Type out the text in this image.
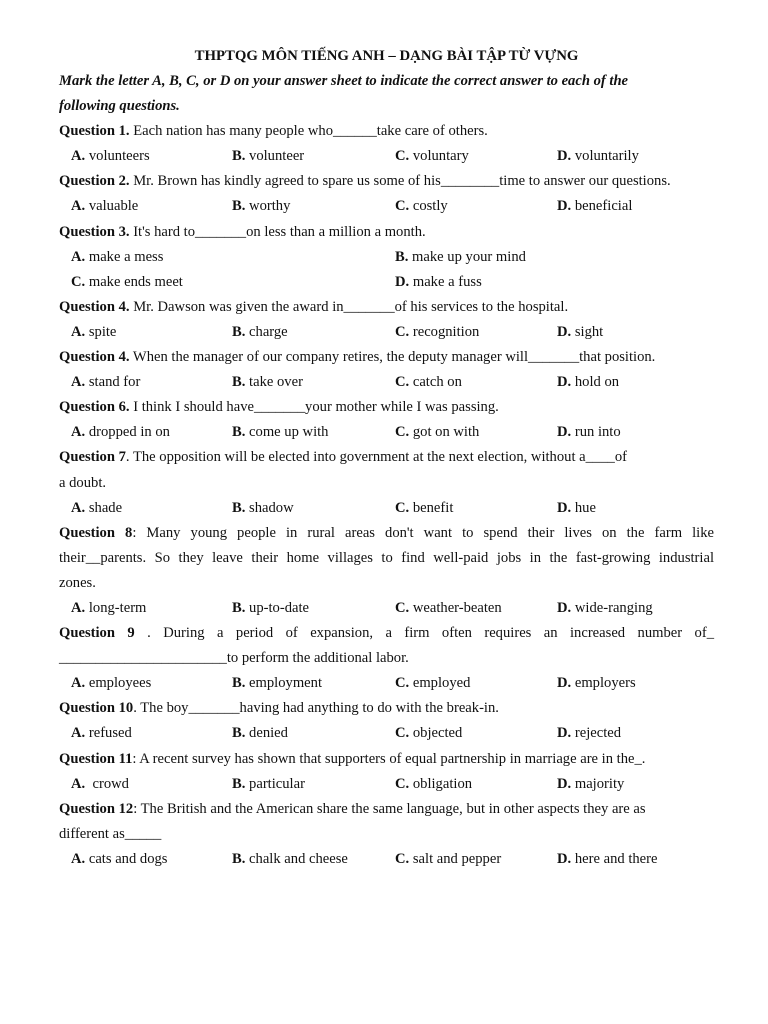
THPTQG MÔN TIẾNG ANH – DẠNG BÀI TẬP TỪ VỰNG
Mark the letter A, B, C, or D on your answer sheet to indicate the correct answer to each of the
following questions.
Question 1. Each nation has many people who______take care of others.
A. volunteers	B. volunteer	C. voluntary	D. voluntarily
Question 2. Mr. Brown has kindly agreed to spare us some of his________time to answer our questions.
A. valuable	B. worthy	C. costly	D. beneficial
Question 3. It's hard to_______on less than a million a month.
A. make a mess	B. make up your mind
C. make ends meet	D. make a fuss
Question 4. Mr. Dawson was given the award in_______of his services to the hospital.
A. spite	B. charge	C. recognition	D. sight
Question 4. When the manager of our company retires, the deputy manager will_______that position.
A. stand for	B. take over	C. catch on	D. hold on
Question 6. I think I should have_______your mother while I was passing.
A. dropped in on	B. come up with	C. got on with	D. run into
Question 7. The opposition will be elected into government at the next election, without a____of
a doubt.
A. shade	B. shadow	C. benefit	D. hue
Question 8: Many young people in rural areas don't want to spend their lives on the farm like
their__parents. So they leave their home villages to find well-paid jobs in the fast-growing industrial
zones.
A. long-term	B. up-to-date	C. weather-beaten	D. wide-ranging
Question 9 . During a period of expansion, a firm often requires an increased number of_
_______________________to perform the additional labor.
A. employees	B. employment	C. employed	D. employers
Question 10. The boy_______having had anything to do with the break-in.
A. refused	B. denied	C. objected	D. rejected
Question 11: A recent survey has shown that supporters of equal partnership in marriage are in the_.
A.  crowd	B. particular	C. obligation	D. majority
Question 12: The British and the American share the same language, but in other aspects they are as
different as_____
A. cats and dogs	B. chalk and cheese	C. salt and pepper	D. here and there
